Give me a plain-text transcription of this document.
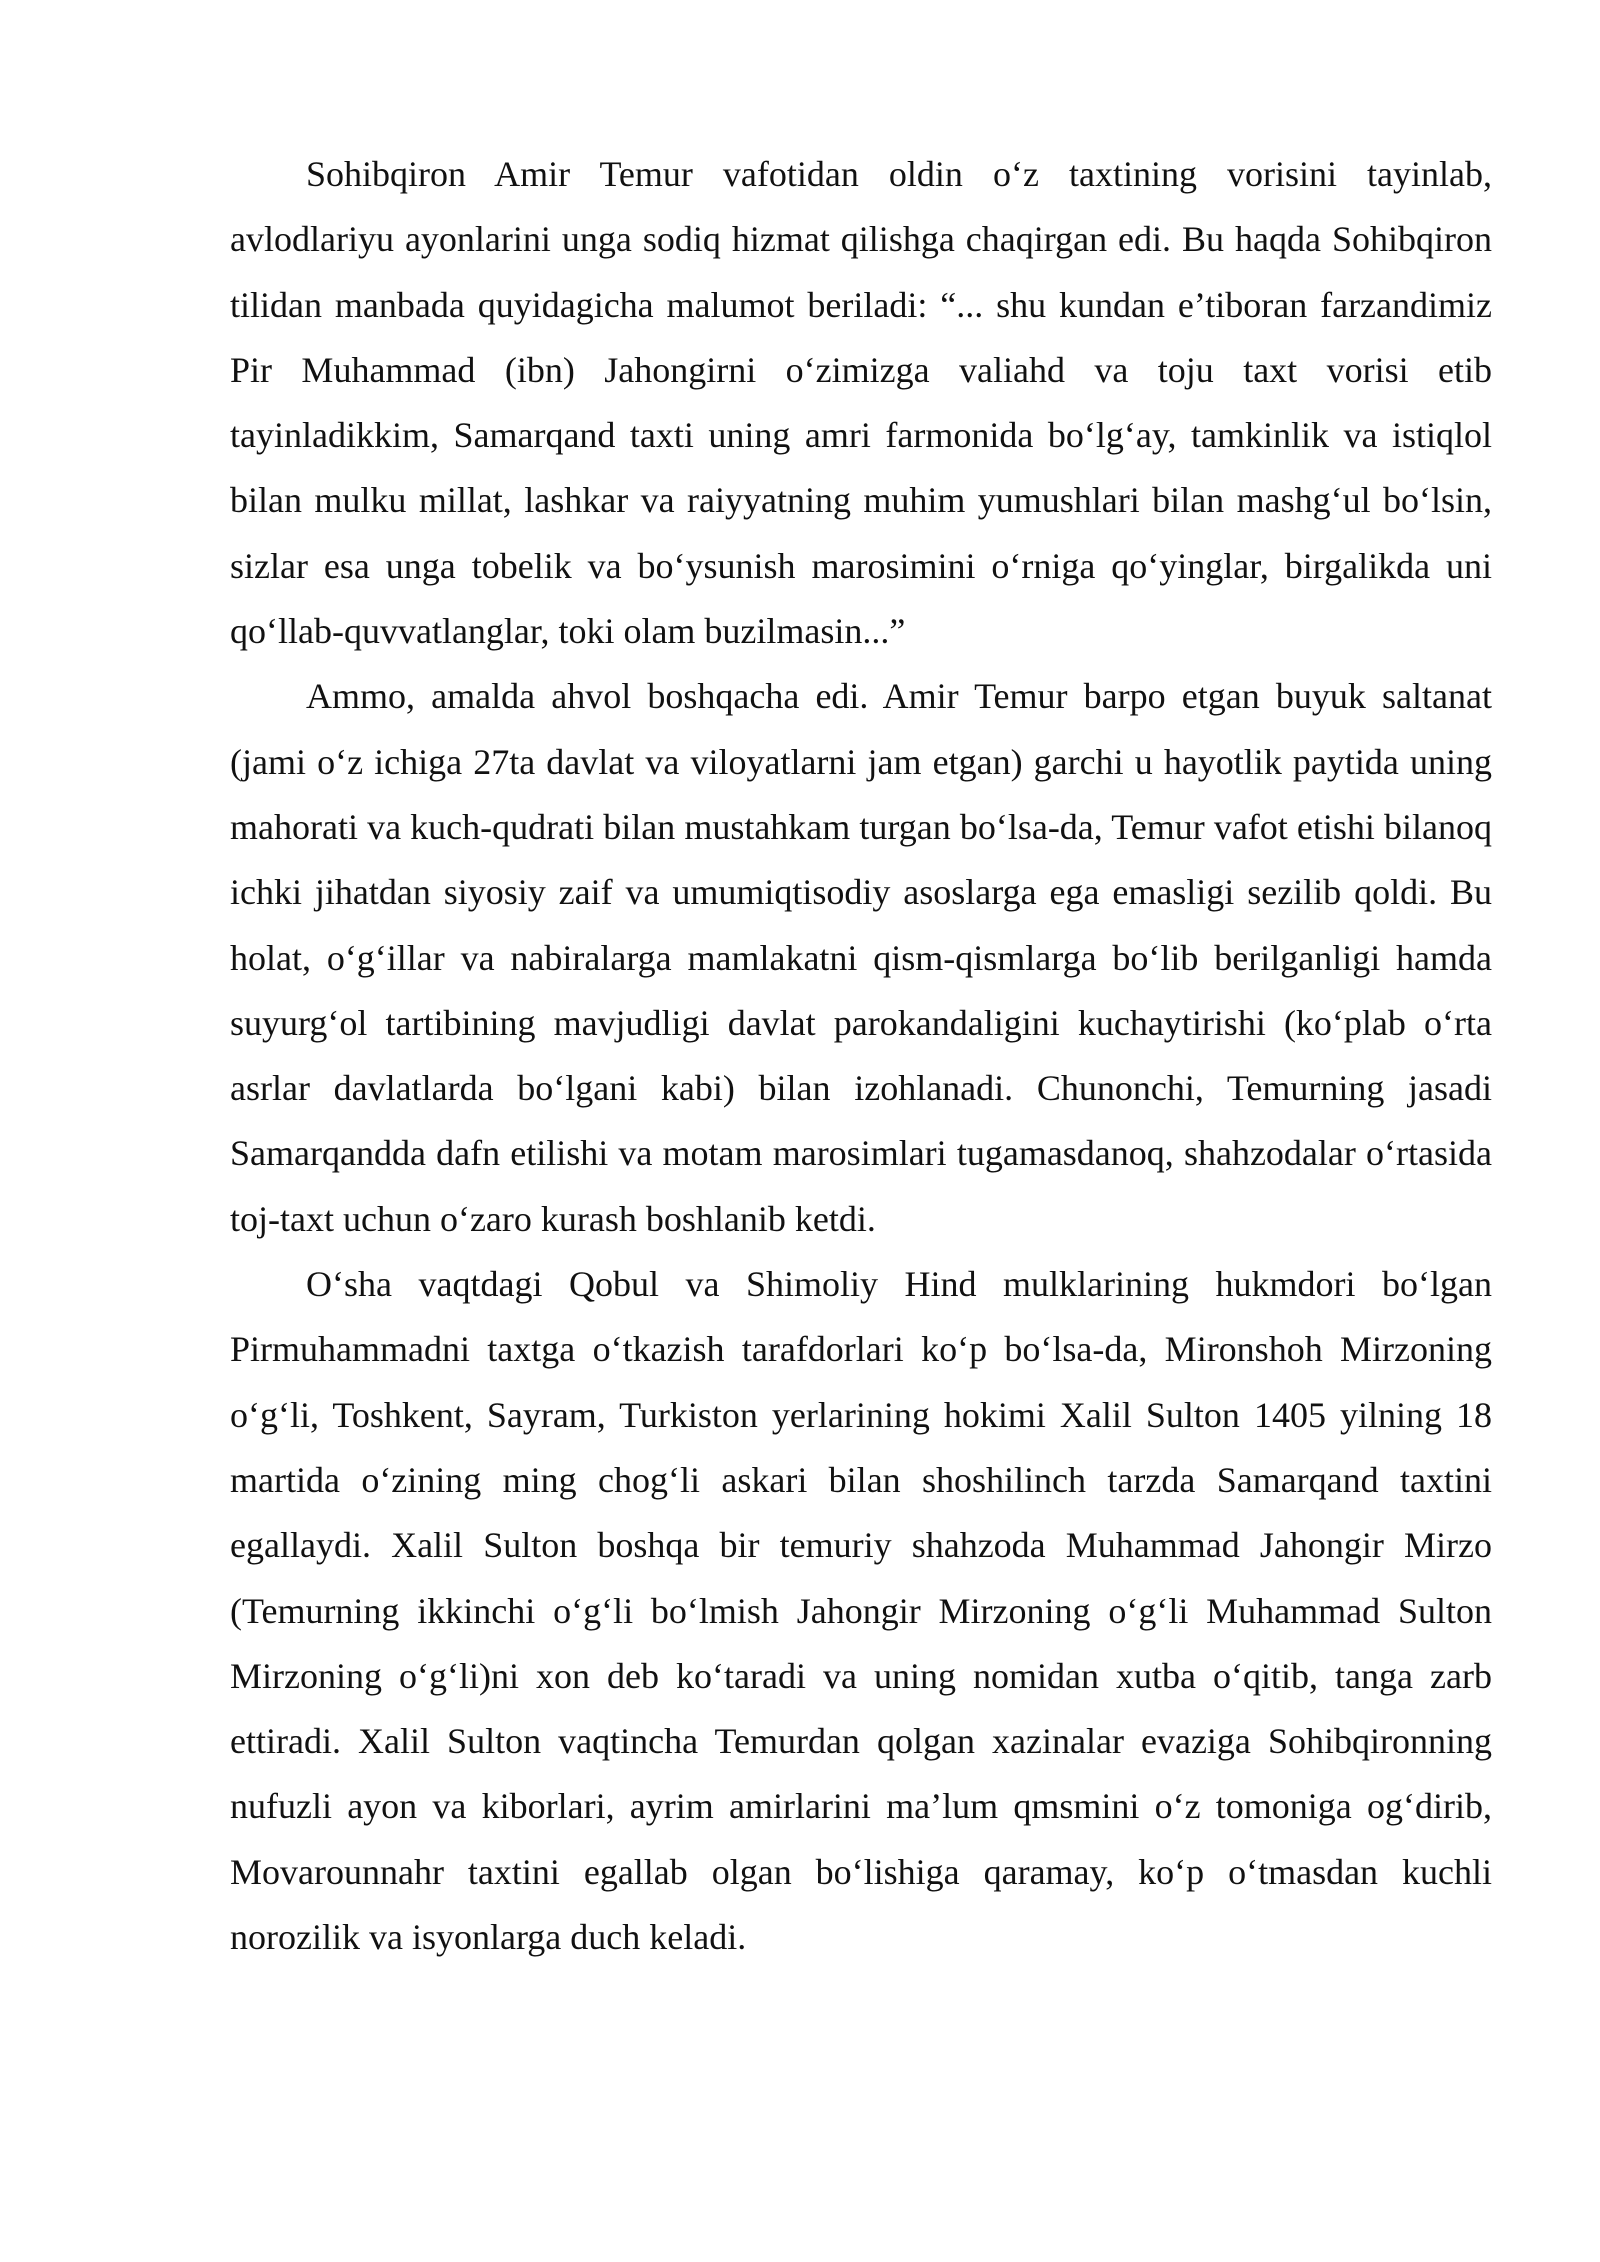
Sohibqiron Amir Temur vafotidan oldin o‘z taxtining vorisini tayinlab, avlodlariyu ayonlarini unga sodiq hizmat qilishga chaqirgan edi. Bu haqda Sohibqiron tilidan manbada quyidagicha malumot beriladi: “... shu kundan e’tiboran farzandimiz Pir Muhammad (ibn) Jahongirni o‘zimizga valiahd va toju taxt vorisi etib tayinladikkim, Samarqand taxti uning amri farmonida bo‘lg‘ay, tamkinlik va istiqlol bilan mulku millat, lashkar va raiyyatning muhim yumushlari bilan mashg‘ul bo‘lsin, sizlar esa unga tobelik va bo‘ysunish marosimini o‘rniga qo‘yinglar, birgalikda uni qo‘llab-quvvatlanglar, toki olam buzilmasin...”

Ammo, amalda ahvol boshqacha edi. Amir Temur barpo etgan buyuk saltanat (jami o‘z ichiga 27ta davlat va viloyatlarni jam etgan) garchi u hayotlik paytida uning mahorati va kuch-qudrati bilan mustahkam turgan bo‘lsa-da, Temur vafot etishi bilanoq ichki jihatdan siyosiy zaif va umumiqtisodiy asoslarga ega emasligi sezilib qoldi. Bu holat, o‘g‘illar va nabiralarga mamlakatni qism-qismlarga bo‘lib berilganligi hamda suyurg‘ol tartibining mavjudligi davlat parokandaligini kuchaytirishi (ko‘plab o‘rta asrlar davlatlarda bo‘lgani kabi) bilan izohlanadi. Chunonchi, Temurning jasadi Samarqandda dafn etilishi va motam marosimlari tugamasdanoq, shahzodalar o‘rtasida toj-taxt uchun o‘zaro kurash boshlanib ketdi.

O‘sha vaqtdagi Qobul va Shimoliy Hind mulklarining hukmdori bo‘lgan Pirmuhammadni taxtga o‘tkazish tarafdorlari ko‘p bo‘lsa-da, Mironshoh Mirzoning o‘g‘li, Toshkent, Sayram, Turkiston yerlarining hokimi Xalil Sulton 1405 yilning 18 martida o‘zining ming chog‘li askari bilan shoshilinch tarzda Samarqand taxtini egallaydi. Xalil Sulton boshqa bir temuriy shahzoda Muhammad Jahongir Mirzo (Temurning ikkinchi o‘g‘li bo‘lmish Jahongir Mirzoning o‘g‘li Muhammad Sulton Mirzoning o‘g‘li)ni xon deb ko‘taradi va uning nomidan xutba o‘qitib, tanga zarb ettiradi. Xalil Sulton vaqtincha Temurdan qolgan xazinalar evaziga Sohibqironning nufuzli ayon va kiborlari, ayrim amirlarini ma’lum qmsmini o‘z tomoniga og‘dirib, Movarounnahr taxtini egallab olgan bo‘lishiga qaramay, ko‘p o‘tmasdan kuchli norozilik va isyonlarga duch keladi.
